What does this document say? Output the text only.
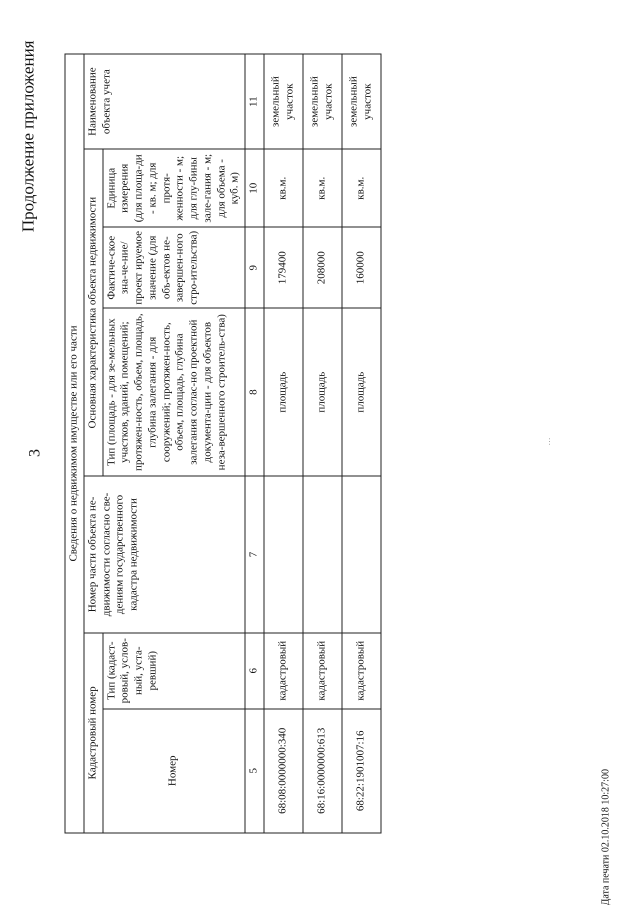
3
Продолжение приложения
Сведения о недвижимом имуществе или его части						
Кадастровый номер		Номер части объекта не-движимости согласно све-дениям государственного кадастра недвижимости	Основная характеристика объекта недвижимости			Наименование объекта учета
Номер	Тип (кадаст-ровый, услов-ный, уста-ревший)		Тип (площадь - для зе-мельных участков, зданий, помещений; протяжен-ность, объем, площадь, глубина залегания - для сооружений; протяжен-ность, объем, площадь, глубина залегания соглас-но проектной документа-ции - для объектов неза-вершенного строитель-ства)	Фактиче-ское зна-че-ние/проект ируемое значение (для объ-ектов не-завершен-ного стро-ительства)	Единица измерения (для площа-ди - кв. м; для протя-женности - м; для глу-бины зале-гания - м; для объема - куб. м)	
5	6	7	8	9	10	11
68:08:0000000:340	кадастровый		площадь	179400	кв.м.	земельный участок
68:16:0000000:613	кадастровый		площадь	208000	кв.м.	земельный участок
68:22:1901007:16	кадастровый		площадь	160000	кв.м.	земельный участок
···
Дата печати 02.10.2018 10:27:00
